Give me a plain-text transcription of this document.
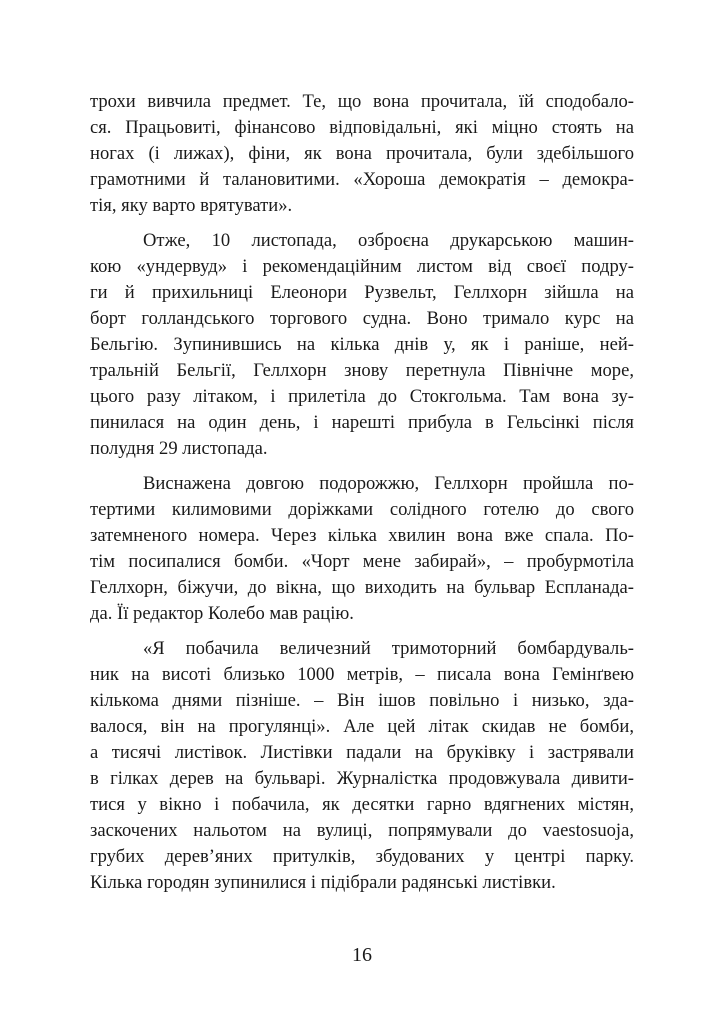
трохи вивчила предмет. Те, що вона прочитала, їй сподобало-
ся. Працьовиті, фінансово відповідальні, які міцно стоять на
ногах (і лижах), фіни, як вона прочитала, були здебільшого
грамотними й талановитими. «Хороша демократія – демокра-
тія, яку варто врятувати».
Отже, 10 листопада, озброєна друкарською машин-
кою «ундервуд» і рекомендаційним листом від своєї подру-
ги й прихильниці Елеонори Рузвельт, Геллхорн зійшла на
борт голландського торгового судна. Воно тримало курс на
Бельгію. Зупинившись на кілька днів у, як і раніше, ней-
тральній Бельгії, Геллхорн знову перетнула Північне море,
цього разу літаком, і прилетіла до Стокгольма. Там вона зу-
пинилася на один день, і нарешті прибула в Гельсінкі після
полудня 29 листопада.
Виснажена довгою подорожжю, Геллхорн пройшла по-
тертими килимовими доріжками солідного готелю до свого
затемненого номера. Через кілька хвилин вона вже спала. По-
тім посипалися бомби. «Чорт мене забирай», – пробурмотіла
Геллхорн, біжучи, до вікна, що виходить на бульвар Еспланада-
да. Її редактор Колебо мав рацію.
«Я побачила величезний тримоторний бомбардуваль-
ник на висоті близько 1000 метрів, – писала вона Гемінґвею
кількома днями пізніше. – Він ішов повільно і низько, зда-
валося, він на прогулянці». Але цей літак скидав не бомби,
а тисячі листівок. Листівки падали на бруківку і застрявали
в гілках дерев на бульварі. Журналістка продовжувала дивити-
тися у вікно і побачила, як десятки гарно вдягнених містян,
заскочених нальотом на вулиці, попрямували до vaestosuoja,
грубих дерев’яних притулків, збудованих у центрі парку.
Кілька городян зупинилися і підібрали радянські листівки.
16
